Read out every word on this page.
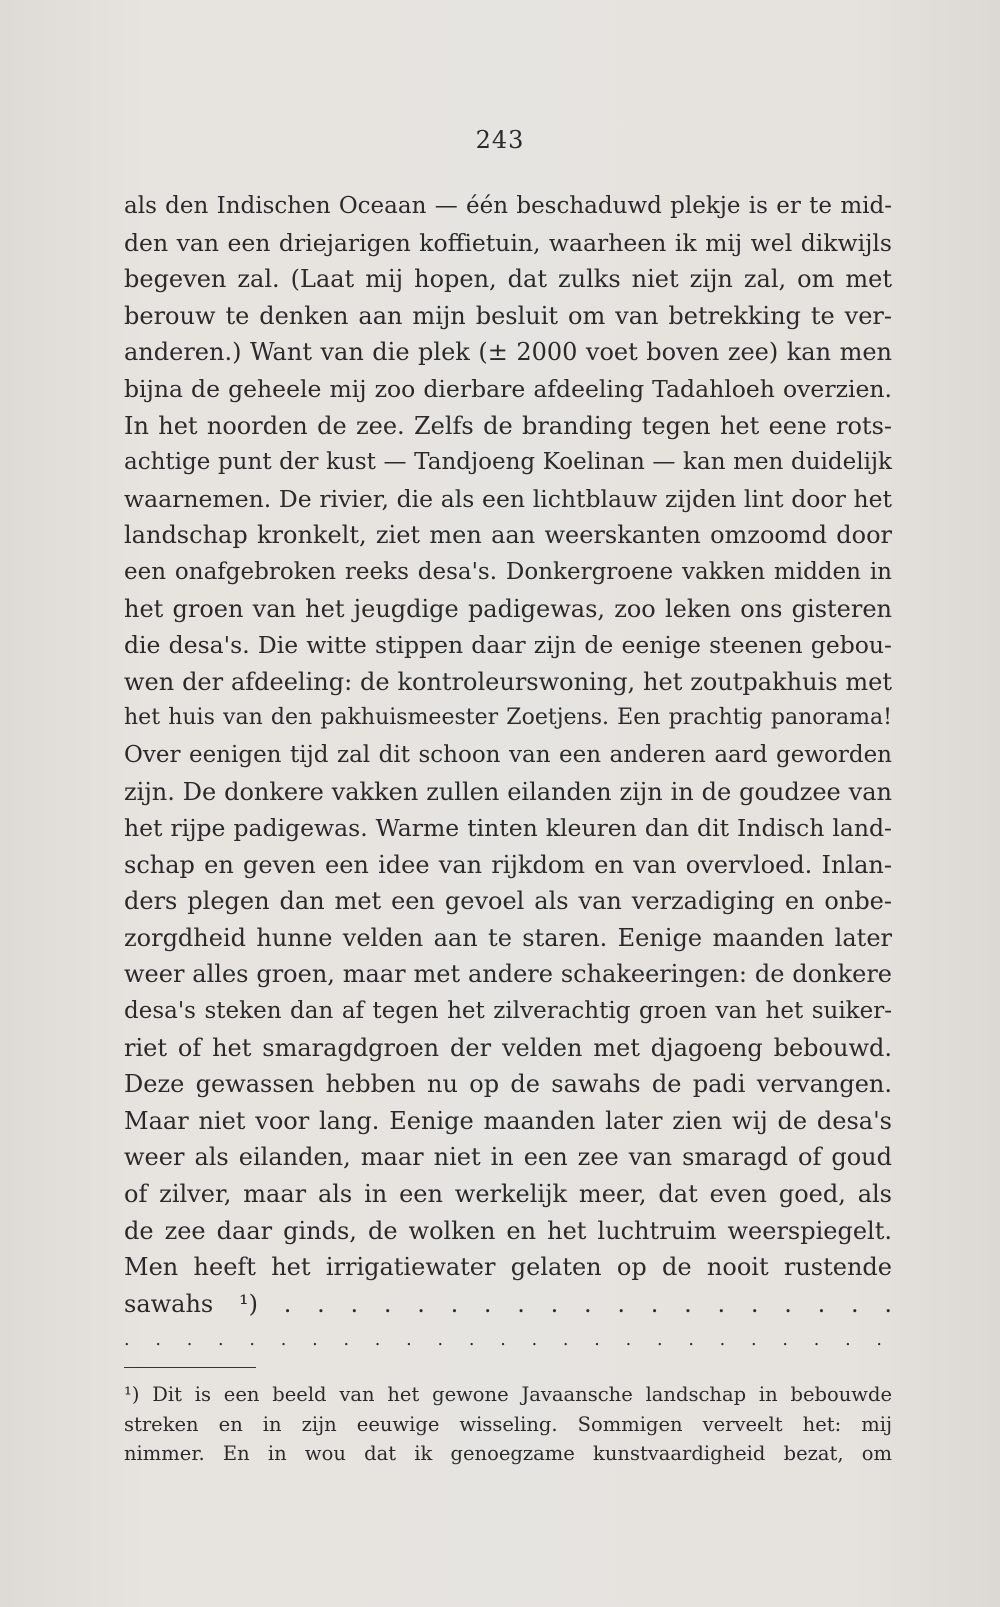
243
als den Indischen Oceaan — één beschaduwd plekje is er te mid-
den van een driejarigen koffietuin, waarheen ik mij wel dikwijls
begeven zal. (Laat mij hopen, dat zulks niet zijn zal, om met
berouw te denken aan mijn besluit om van betrekking te ver-
anderen.) Want van die plek (± 2000 voet boven zee) kan men
bijna de geheele mij zoo dierbare afdeeling Tadahloeh overzien.
In het noorden de zee. Zelfs de branding tegen het eene rots-
achtige punt der kust — Tandjoeng Koelinan — kan men duidelijk
waarnemen. De rivier, die als een lichtblauw zijden lint door het
landschap kronkelt, ziet men aan weerskanten omzoomd door
een onafgebroken reeks desa's. Donkergroene vakken midden in
het groen van het jeugdige padigewas, zoo leken ons gisteren
die desa's. Die witte stippen daar zijn de eenige steenen gebou-
wen der afdeeling: de kontroleurswoning, het zoutpakhuis met
het huis van den pakhuismeester Zoetjens. Een prachtig panorama!
Over eenigen tijd zal dit schoon van een anderen aard geworden
zijn. De donkere vakken zullen eilanden zijn in de goudzee van
het rijpe padigewas. Warme tinten kleuren dan dit Indisch land-
schap en geven een idee van rijkdom en van overvloed. Inlan-
ders plegen dan met een gevoel als van verzadiging en onbe-
zorgdheid hunne velden aan te staren. Eenige maanden later
weer alles groen, maar met andere schakeeringen: de donkere
desa's steken dan af tegen het zilverachtig groen van het suiker-
riet of het smaragdgroen der velden met djagoeng bebouwd.
Deze gewassen hebben nu op de sawahs de padi vervangen.
Maar niet voor lang. Eenige maanden later zien wij de desa's
weer als eilanden, maar niet in een zee van smaragd of goud
of zilver, maar als in een werkelijk meer, dat even goed, als
de zee daar ginds, de wolken en het luchtruim weerspiegelt.
Men heeft het irrigatiewater gelaten op de nooit rustende
sawahs ¹) . . . . . . . . . . . . . . . . . . .
. . . . . . . . . . . . . . . . . . . . . . . . .
¹) Dit is een beeld van het gewone Javaansche landschap in bebouwde
streken en in zijn eeuwige wisseling. Sommigen verveelt het: mij
nimmer. En in wou dat ik genoegzame kunstvaardigheid bezat, om
